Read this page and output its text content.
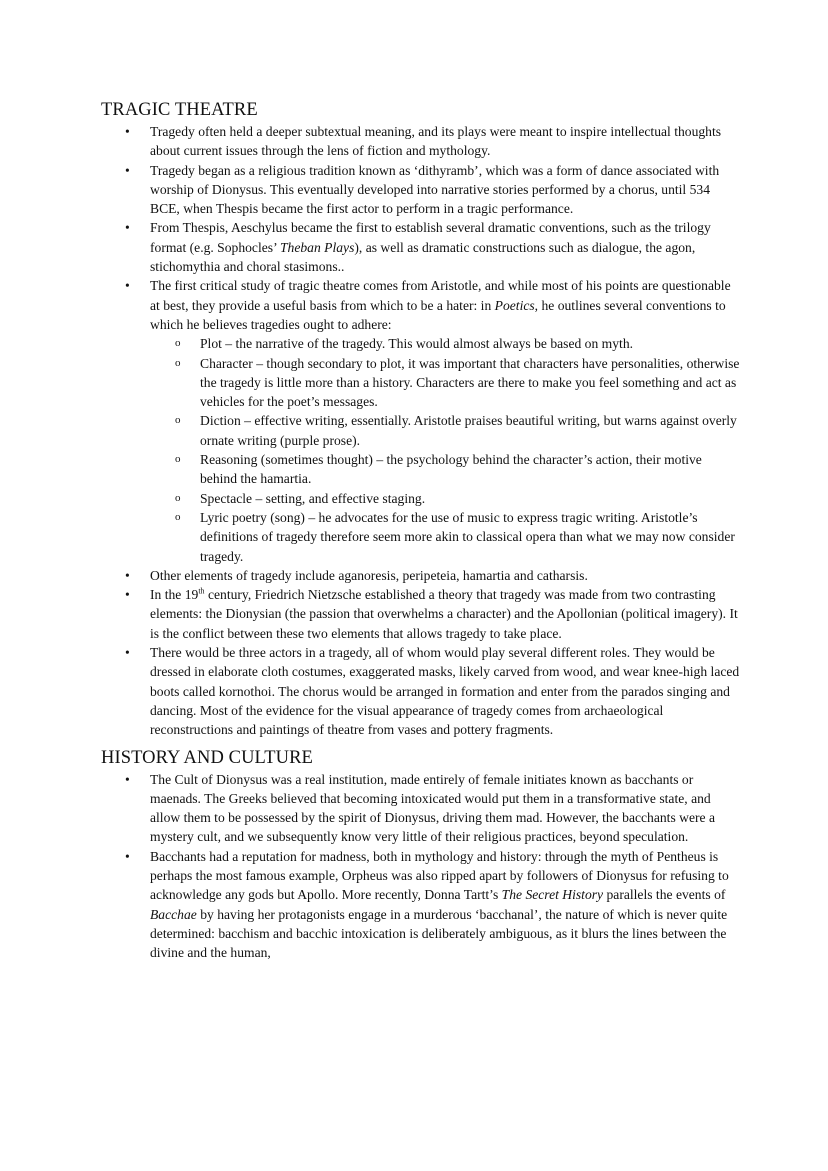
TRAGIC THEATRE
• Tragedy often held a deeper subtextual meaning, and its plays were meant to inspire intellectual thoughts about current issues through the lens of fiction and mythology.
• Tragedy began as a religious tradition known as ‘dithyramb’, which was a form of dance associated with worship of Dionysus. This eventually developed into narrative stories performed by a chorus, until 534 BCE, when Thespis became the first actor to perform in a tragic performance.
• From Thespis, Aeschylus became the first to establish several dramatic conventions, such as the trilogy format (e.g. Sophocles’ Theban Plays), as well as dramatic constructions such as dialogue, the agon, stichomythia and choral stasimons..
• The first critical study of tragic theatre comes from Aristotle, and while most of his points are questionable at best, they provide a useful basis from which to be a hater: in Poetics, he outlines several conventions to which he believes tragedies ought to adhere:
o Plot – the narrative of the tragedy. This would almost always be based on myth.
o Character – though secondary to plot, it was important that characters have personalities, otherwise the tragedy is little more than a history. Characters are there to make you feel something and act as vehicles for the poet’s messages.
o Diction – effective writing, essentially. Aristotle praises beautiful writing, but warns against overly ornate writing (purple prose).
o Reasoning (sometimes thought) – the psychology behind the character’s action, their motive behind the hamartia.
o Spectacle – setting, and effective staging.
o Lyric poetry (song) – he advocates for the use of music to express tragic writing. Aristotle’s definitions of tragedy therefore seem more akin to classical opera than what we may now consider tragedy.
• Other elements of tragedy include aganoresis, peripeteia, hamartia and catharsis.
• In the 19th century, Friedrich Nietzsche established a theory that tragedy was made from two contrasting elements: the Dionysian (the passion that overwhelms a character) and the Apollonian (political imagery). It is the conflict between these two elements that allows tragedy to take place.
• There would be three actors in a tragedy, all of whom would play several different roles. They would be dressed in elaborate cloth costumes, exaggerated masks, likely carved from wood, and wear knee-high laced boots called kornothoi. The chorus would be arranged in formation and enter from the parados singing and dancing. Most of the evidence for the visual appearance of tragedy comes from archaeological reconstructions and paintings of theatre from vases and pottery fragments.
HISTORY AND CULTURE
• The Cult of Dionysus was a real institution, made entirely of female initiates known as bacchants or maenads. The Greeks believed that becoming intoxicated would put them in a transformative state, and allow them to be possessed by the spirit of Dionysus, driving them mad. However, the bacchants were a mystery cult, and we subsequently know very little of their religious practices, beyond speculation.
• Bacchants had a reputation for madness, both in mythology and history: through the myth of Pentheus is perhaps the most famous example, Orpheus was also ripped apart by followers of Dionysus for refusing to acknowledge any gods but Apollo. More recently, Donna Tartt’s The Secret History parallels the events of Bacchae by having her protagonists engage in a murderous ‘bacchanal’, the nature of which is never quite determined: bacchism and bacchic intoxication is deliberately ambiguous, as it blurs the lines between the divine and the human,
